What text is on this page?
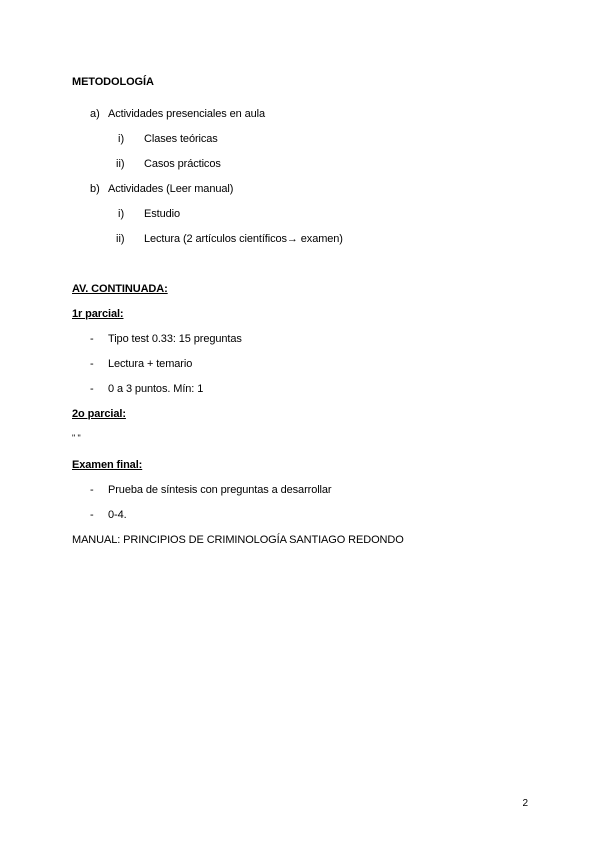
METODOLOGÍA
a) Actividades presenciales en aula
i) Clases teóricas
ii) Casos prácticos
b) Actividades (Leer manual)
i) Estudio
ii) Lectura (2 artículos científicos→ examen)
AV. CONTINUADA:
1r parcial:
- Tipo test 0.33: 15 preguntas
- Lectura + temario
- 0 a 3 puntos. Mín: 1
2o parcial:
" "
Examen final:
- Prueba de síntesis con preguntas a desarrollar
- 0-4.
MANUAL: PRINCIPIOS DE CRIMINOLOGÍA SANTIAGO REDONDO
2
